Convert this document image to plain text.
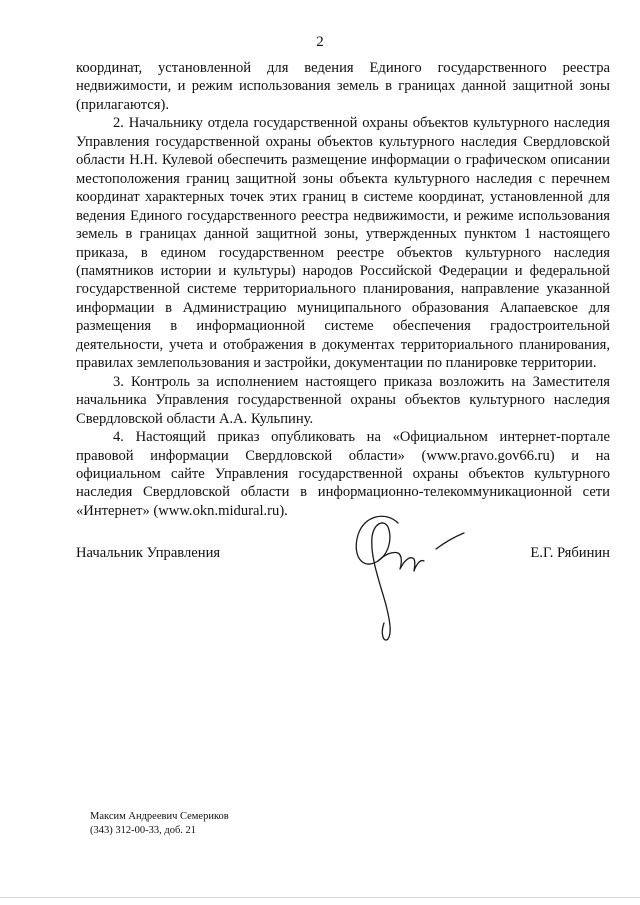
2

координат, установленной для ведения Единого государственного реестра недвижимости, и режим использования земель в границах данной защитной зоны (прилагаются).

2. Начальнику отдела государственной охраны объектов культурного наследия Управления государственной охраны объектов культурного наследия Свердловской области Н.Н. Кулевой обеспечить размещение информации о графическом описании местоположения границ защитной зоны объекта культурного наследия с перечнем координат характерных точек этих границ в системе координат, установленной для ведения Единого государственного реестра недвижимости, и режиме использования земель в границах данной защитной зоны, утвержденных пунктом 1 настоящего приказа, в едином государственном реестре объектов культурного наследия (памятников истории и культуры) народов Российской Федерации и федеральной государственной системе территориального планирования, направление указанной информации в Администрацию муниципального образования Алапаевское для размещения в информационной системе обеспечения градостроительной деятельности, учета и отображения в документах территориального планирования, правилах землепользования и застройки, документации по планировке территории.

3. Контроль за исполнением настоящего приказа возложить на Заместителя начальника Управления государственной охраны объектов культурного наследия Свердловской области А.А. Кульпину.

4. Настоящий приказ опубликовать на «Официальном интернет-портале правовой информации Свердловской области» (www.pravo.gov66.ru) и на официальном сайте Управления государственной охраны объектов культурного наследия Свердловской области в информационно-телекоммуникационной сети «Интернет» (www.okn.midural.ru).

Начальник Управления	Е.Г. Рябинин
Максим Андреевич Семериков
(343) 312-00-33, доб. 21
